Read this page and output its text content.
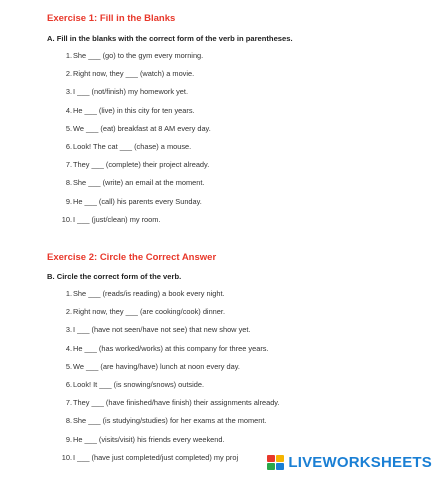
Exercise 1: Fill in the Blanks
A. Fill in the blanks with the correct form of the verb in parentheses.
1. She ___ (go) to the gym every morning.
2. Right now, they ___ (watch) a movie.
3. I ___ (not/finish) my homework yet.
4. He ___ (live) in this city for ten years.
5. We ___ (eat) breakfast at 8 AM every day.
6. Look! The cat ___ (chase) a mouse.
7. They ___ (complete) their project already.
8. She ___ (write) an email at the moment.
9. He ___ (call) his parents every Sunday.
10. I ___ (just/clean) my room.
Exercise 2: Circle the Correct Answer
B. Circle the correct form of the verb.
1. She ___ (reads/is reading) a book every night.
2. Right now, they ___ (are cooking/cook) dinner.
3. I ___ (have not seen/have not see) that new show yet.
4. He ___ (has worked/works) at this company for three years.
5. We ___ (are having/have) lunch at noon every day.
6. Look! It ___ (is snowing/snows) outside.
7. They ___ (have finished/have finish) their assignments already.
8. She ___ (is studying/studies) for her exams at the moment.
9. He ___ (visits/visit) his friends every weekend.
10. I ___ (have just completed/just completed) my proj	LIVEWORKSHEETS
